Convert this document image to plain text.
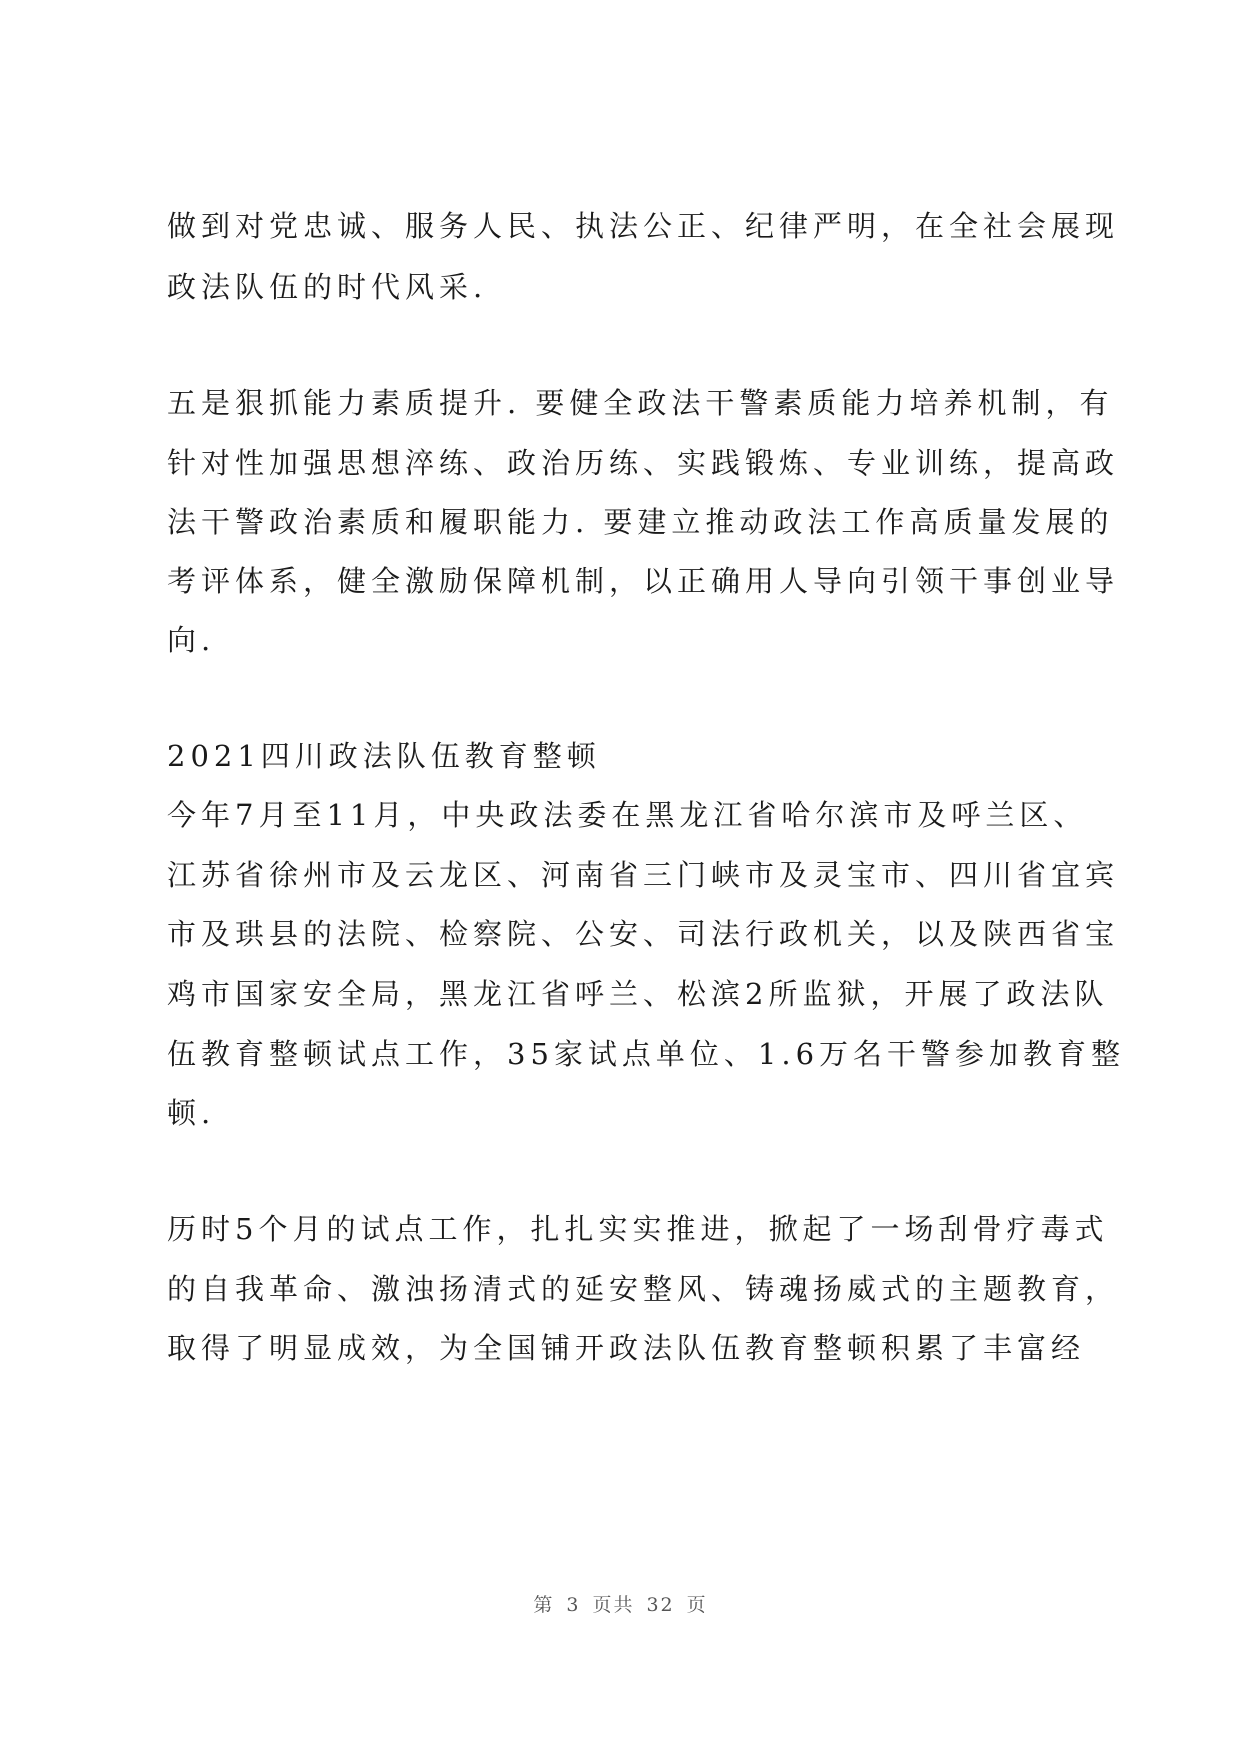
做到对党忠诚、服务人民、执法公正、纪律严明，在全社会展现
政法队伍的时代风采.
五是狠抓能力素质提升. 要健全政法干警素质能力培养机制，有
针对性加强思想淬练、政治历练、实践锻炼、专业训练，提高政
法干警政治素质和履职能力. 要建立推动政法工作高质量发展的
考评体系，健全激励保障机制，以正确用人导向引领干事创业导
向.
2021四川政法队伍教育整顿
今年7月至11月，中央政法委在黑龙江省哈尔滨市及呼兰区、
江苏省徐州市及云龙区、河南省三门峡市及灵宝市、四川省宜宾
市及珙县的法院、检察院、公安、司法行政机关，以及陕西省宝
鸡市国家安全局，黑龙江省呼兰、松滨2所监狱，开展了政法队
伍教育整顿试点工作，35家试点单位、1.6万名干警参加教育整
顿.
历时5个月的试点工作，扎扎实实推进，掀起了一场刮骨疗毒式
的自我革命、激浊扬清式的延安整风、铸魂扬威式的主题教育，
取得了明显成效，为全国铺开政法队伍教育整顿积累了丰富经
第 3 页共 32 页
